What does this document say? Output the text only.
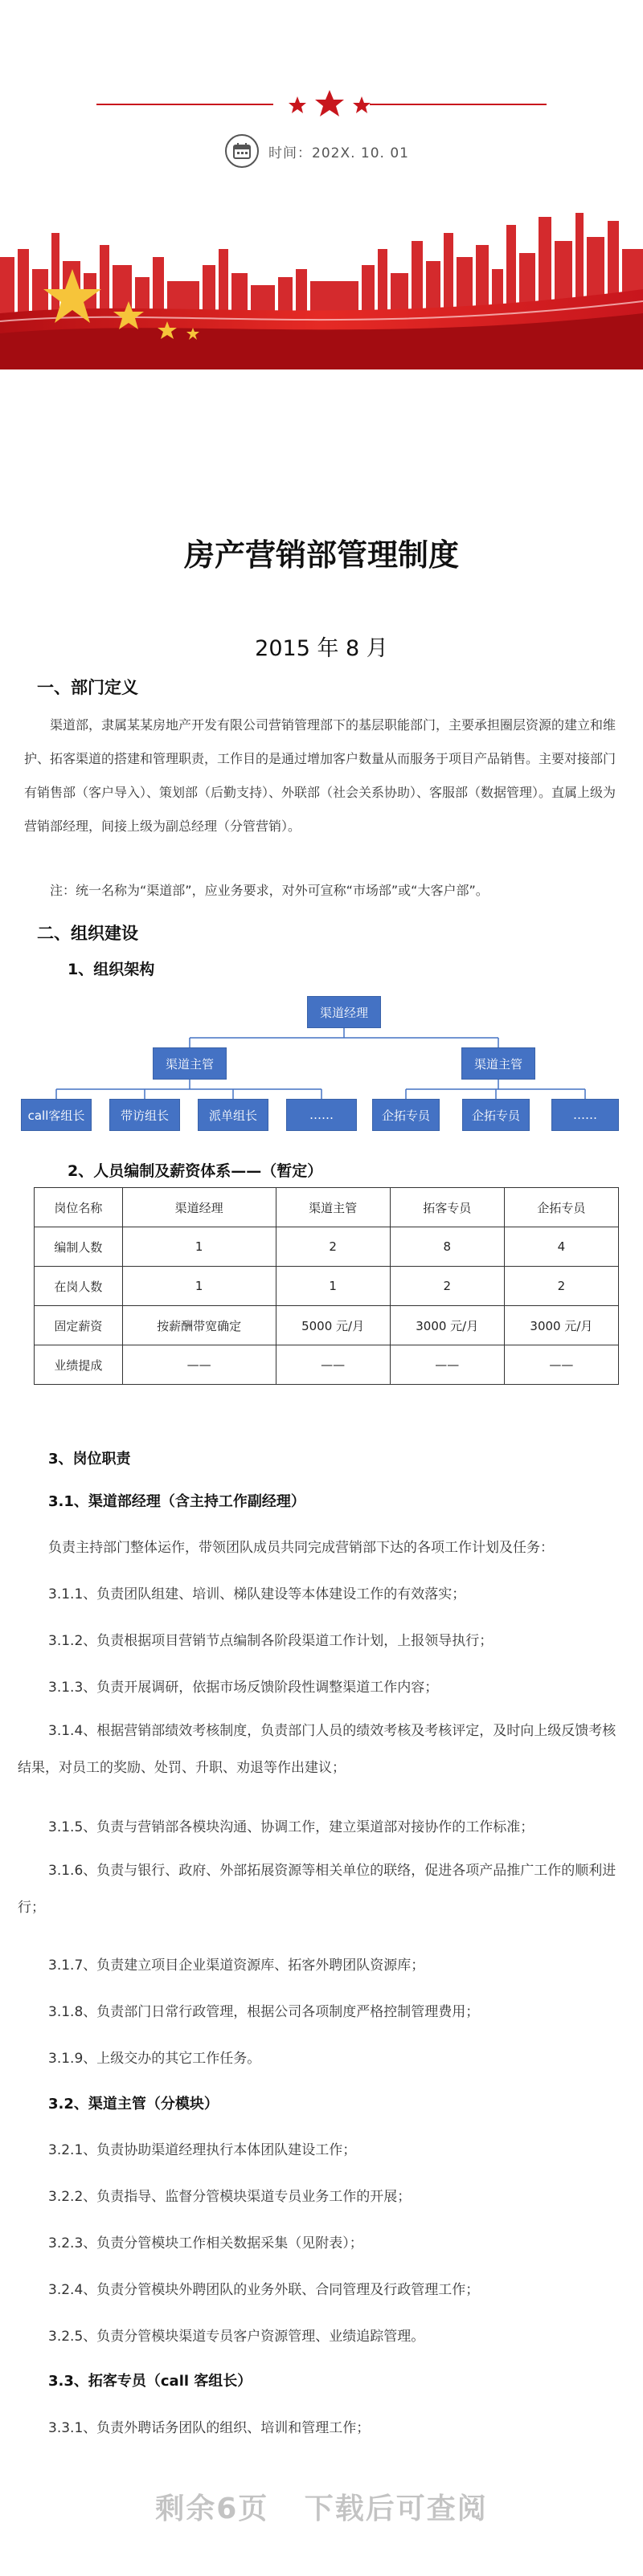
时间：202X. 10. 01
房产营销部管理制度
2015 年 8 月
一、部门定义
渠道部，隶属某某房地产开发有限公司营销管理部下的基层职能部门，主要承担圈层资源的建立和维护、拓客渠道的搭建和管理职责，工作目的是通过增加客户数量从而服务于项目产品销售。主要对接部门有销售部（客户导入）、策划部（后勤支持）、外联部（社会关系协助）、客服部（数据管理）。直属上级为营销部经理，间接上级为副总经理（分管营销）。
注：统一名称为“渠道部”，应业务要求，对外可宣称“市场部”或“大客户部”。
二、组织建设
1、组织架构
渠道经理
渠道主管	渠道主管
call客组长	带访组长	派单组长	……	企拓专员	企拓专员	……
2、人员编制及薪资体系——（暂定）
岗位名称	渠道经理	渠道主管	拓客专员	企拓专员
编制人数	1	2	8	4
在岗人数	1	1	2	2
固定薪资	按薪酬带宽确定	5000 元/月	3000 元/月	3000 元/月
业绩提成	——	——	——	——
3、岗位职责
3.1、渠道部经理（含主持工作副经理）
负责主持部门整体运作，带领团队成员共同完成营销部下达的各项工作计划及任务：
3.1.1、负责团队组建、培训、梯队建设等本体建设工作的有效落实；
3.1.2、负责根据项目营销节点编制各阶段渠道工作计划，上报领导执行；
3.1.3、负责开展调研，依据市场反馈阶段性调整渠道工作内容；
3.1.4、根据营销部绩效考核制度，负责部门人员的绩效考核及考核评定，及时向上级反馈考核结果，对员工的奖励、处罚、升职、劝退等作出建议；
3.1.5、负责与营销部各模块沟通、协调工作，建立渠道部对接协作的工作标准；
3.1.6、负责与银行、政府、外部拓展资源等相关单位的联络，促进各项产品推广工作的顺利进行；
3.1.7、负责建立项目企业渠道资源库、拓客外聘团队资源库；
3.1.8、负责部门日常行政管理，根据公司各项制度严格控制管理费用；
3.1.9、上级交办的其它工作任务。
3.2、渠道主管（分模块）
3.2.1、负责协助渠道经理执行本体团队建设工作；
3.2.2、负责指导、监督分管模块渠道专员业务工作的开展；
3.2.3、负责分管模块工作相关数据采集（见附表）；
3.2.4、负责分管模块外聘团队的业务外联、合同管理及行政管理工作；
3.2.5、负责分管模块渠道专员客户资源管理、业绩追踪管理。
3.3、拓客专员（call 客组长）
3.3.1、负责外聘话务团队的组织、培训和管理工作；
剩余6页 下载后可查阅
